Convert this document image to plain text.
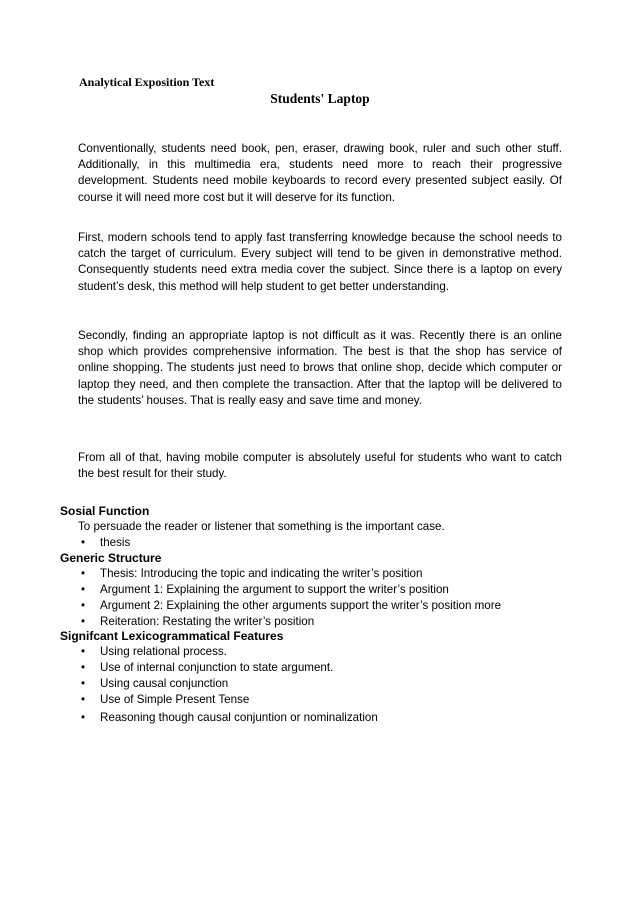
Analytical Exposition Text
Students' Laptop

Conventionally, students need book, pen, eraser, drawing book, ruler and such other stuff. Additionally, in this multimedia era, students need more to reach their progressive development. Students need mobile keyboards to record every presented subject easily. Of course it will need more cost but it will deserve for its function.

First, modern schools tend to apply fast transferring knowledge because the school needs to catch the target of curriculum. Every subject will tend to be given in demonstrative method. Consequently students need extra media cover the subject. Since there is a laptop on every student’s desk, this method will help student to get better understanding.

Secondly, finding an appropriate laptop is not difficult as it was. Recently there is an online shop which provides comprehensive information. The best is that the shop has service of online shopping. The students just need to brows that online shop, decide which computer or laptop they need, and then complete the transaction. After that the laptop will be delivered to the students’ houses. That is really easy and save time and money.

From all of that, having mobile computer is absolutely useful for students who want to catch the best result for their study.

Sosial Function
To persuade the reader or listener that something is the important case.
• thesis
Generic Structure
• Thesis: Introducing the topic and indicating the writer’s position
• Argument 1: Explaining the argument to support the writer’s position
• Argument 2: Explaining the other arguments support the writer’s position more
• Reiteration: Restating the writer’s position
Signifcant Lexicogrammatical Features
• Using relational process.
• Use of internal conjunction to state argument.
• Using causal conjunction
• Use of Simple Present Tense
• Reasoning though causal conjuntion or nominalization
